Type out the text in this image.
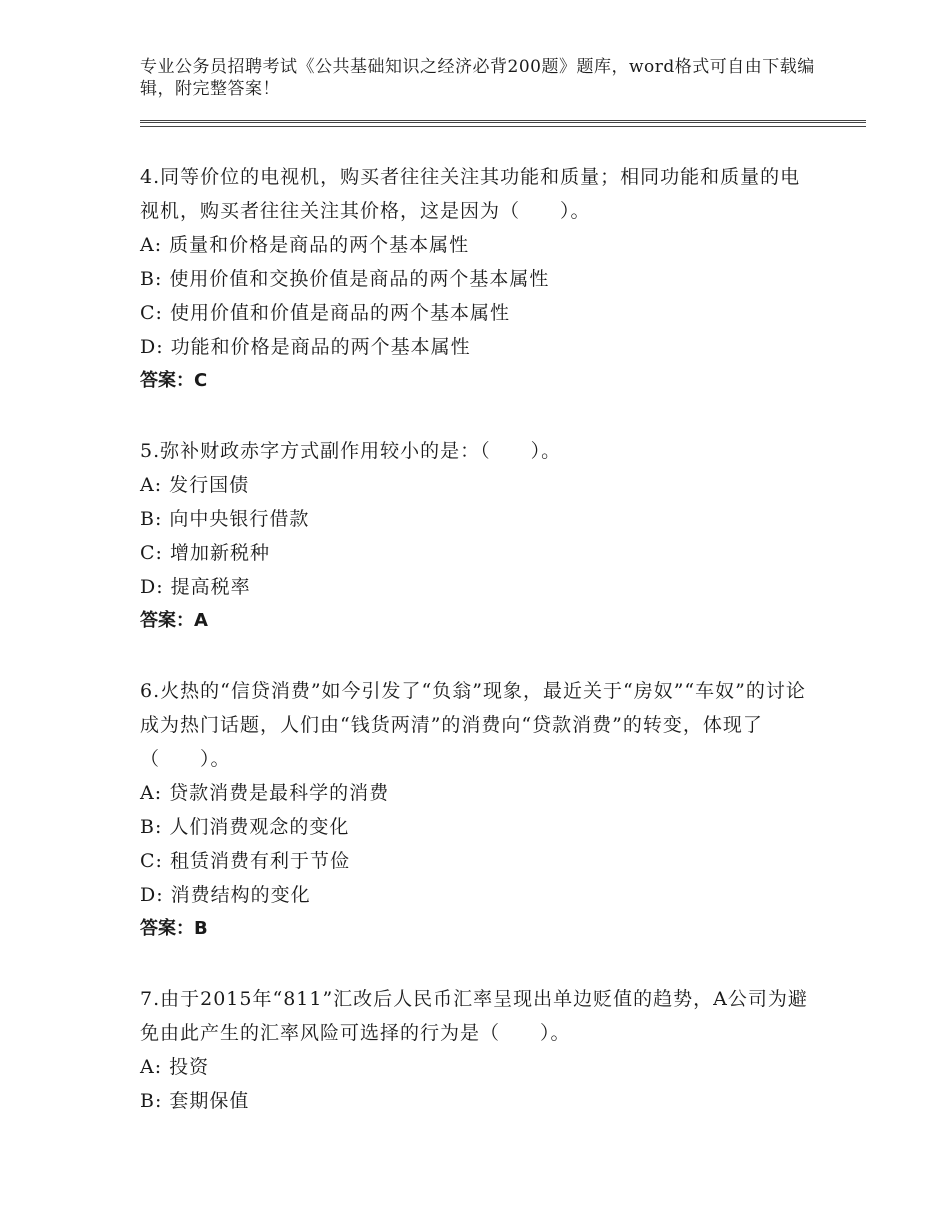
专业公务员招聘考试《公共基础知识之经济必背200题》题库，word格式可自由下载编辑，附完整答案！

4.同等价位的电视机，购买者往往关注其功能和质量；相同功能和质量的电视机，购买者往往关注其价格，这是因为（　　）。

A: 质量和价格是商品的两个基本属性

B: 使用价值和交换价值是商品的两个基本属性

C: 使用价值和价值是商品的两个基本属性

D: 功能和价格是商品的两个基本属性

答案：C

5.弥补财政赤字方式副作用较小的是：（　　）。

A: 发行国债

B: 向中央银行借款

C: 增加新税种

D: 提高税率

答案：A

6.火热的“信贷消费”如今引发了“负翁”现象，最近关于“房奴”“车奴”的讨论成为热门话题，人们由“钱货两清”的消费向“贷款消费”的转变，体现了（　　）。

A: 贷款消费是最科学的消费

B: 人们消费观念的变化

C: 租赁消费有利于节俭

D: 消费结构的变化

答案：B

7.由于2015年“811”汇改后人民币汇率呈现出单边贬值的趋势，A公司为避免由此产生的汇率风险可选择的行为是（　　）。

A: 投资

B: 套期保值
